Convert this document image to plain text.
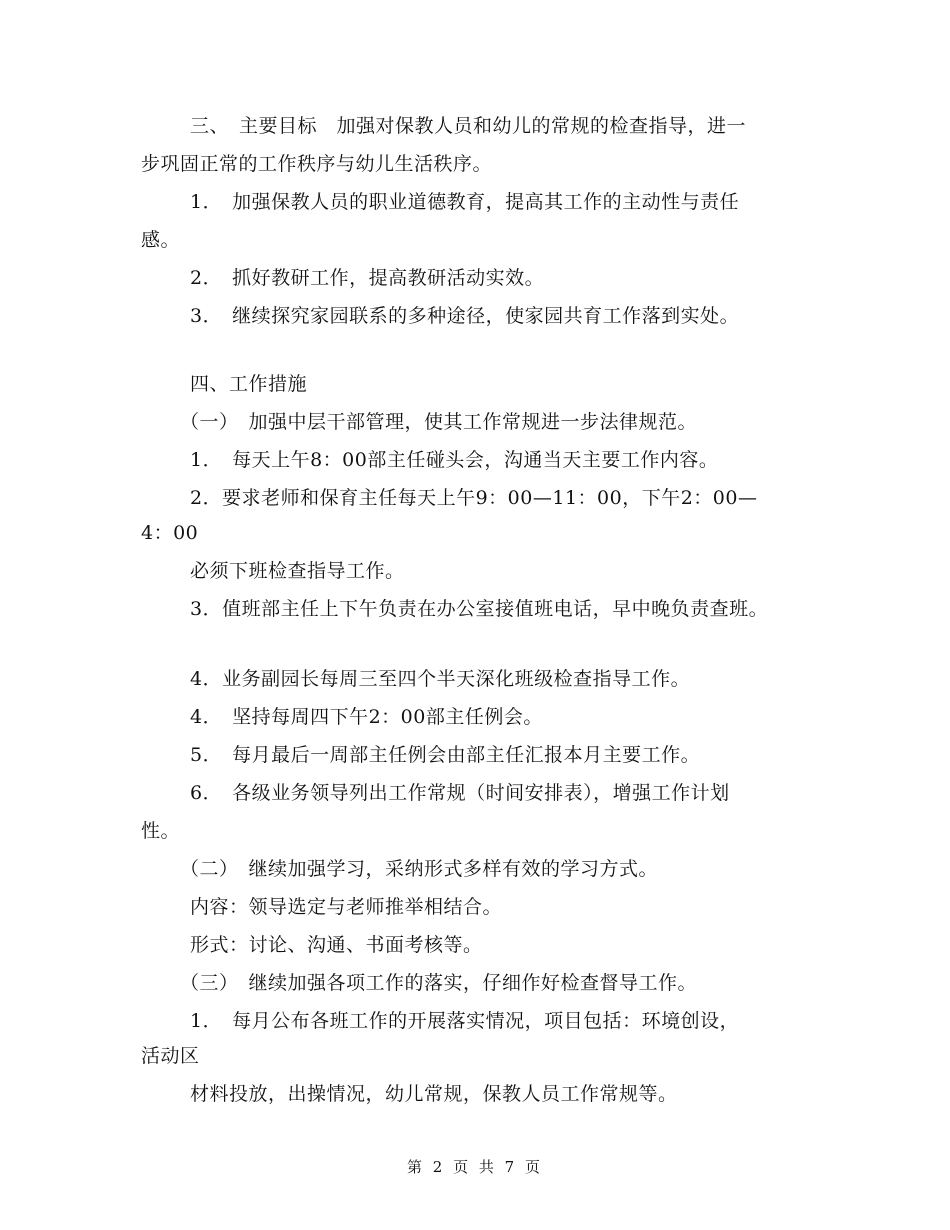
三、　主要目标　加强对保教人员和幼儿的常规的检查指导，进一
步巩固正常的工作秩序与幼儿生活秩序。
1．　加强保教人员的职业道德教育，提高其工作的主动性与责任
感。
2．　抓好教研工作，提高教研活动实效。
3．　继续探究家园联系的多种途径，使家园共育工作落到实处。
四、工作措施
（一）　加强中层干部管理，使其工作常规进一步法律规范。
1．　每天上午8：00部主任碰头会，沟通当天主要工作内容。
2．要求老师和保育主任每天上午9：00—11：00，下午2：00—
4：00
必须下班检查指导工作。
3．值班部主任上下午负责在办公室接值班电话，早中晚负责查班。
4．业务副园长每周三至四个半天深化班级检查指导工作。
4．　坚持每周四下午2：00部主任例会。
5．　每月最后一周部主任例会由部主任汇报本月主要工作。
6．　各级业务领导列出工作常规（时间安排表），增强工作计划
性。
（二）　继续加强学习，采纳形式多样有效的学习方式。
内容：领导选定与老师推举相结合。
形式：讨论、沟通、书面考核等。
（三）　继续加强各项工作的落实，仔细作好检查督导工作。
1．　每月公布各班工作的开展落实情况，项目包括：环境创设，
活动区
材料投放，出操情况，幼儿常规，保教人员工作常规等。
第 2 页 共 7 页
